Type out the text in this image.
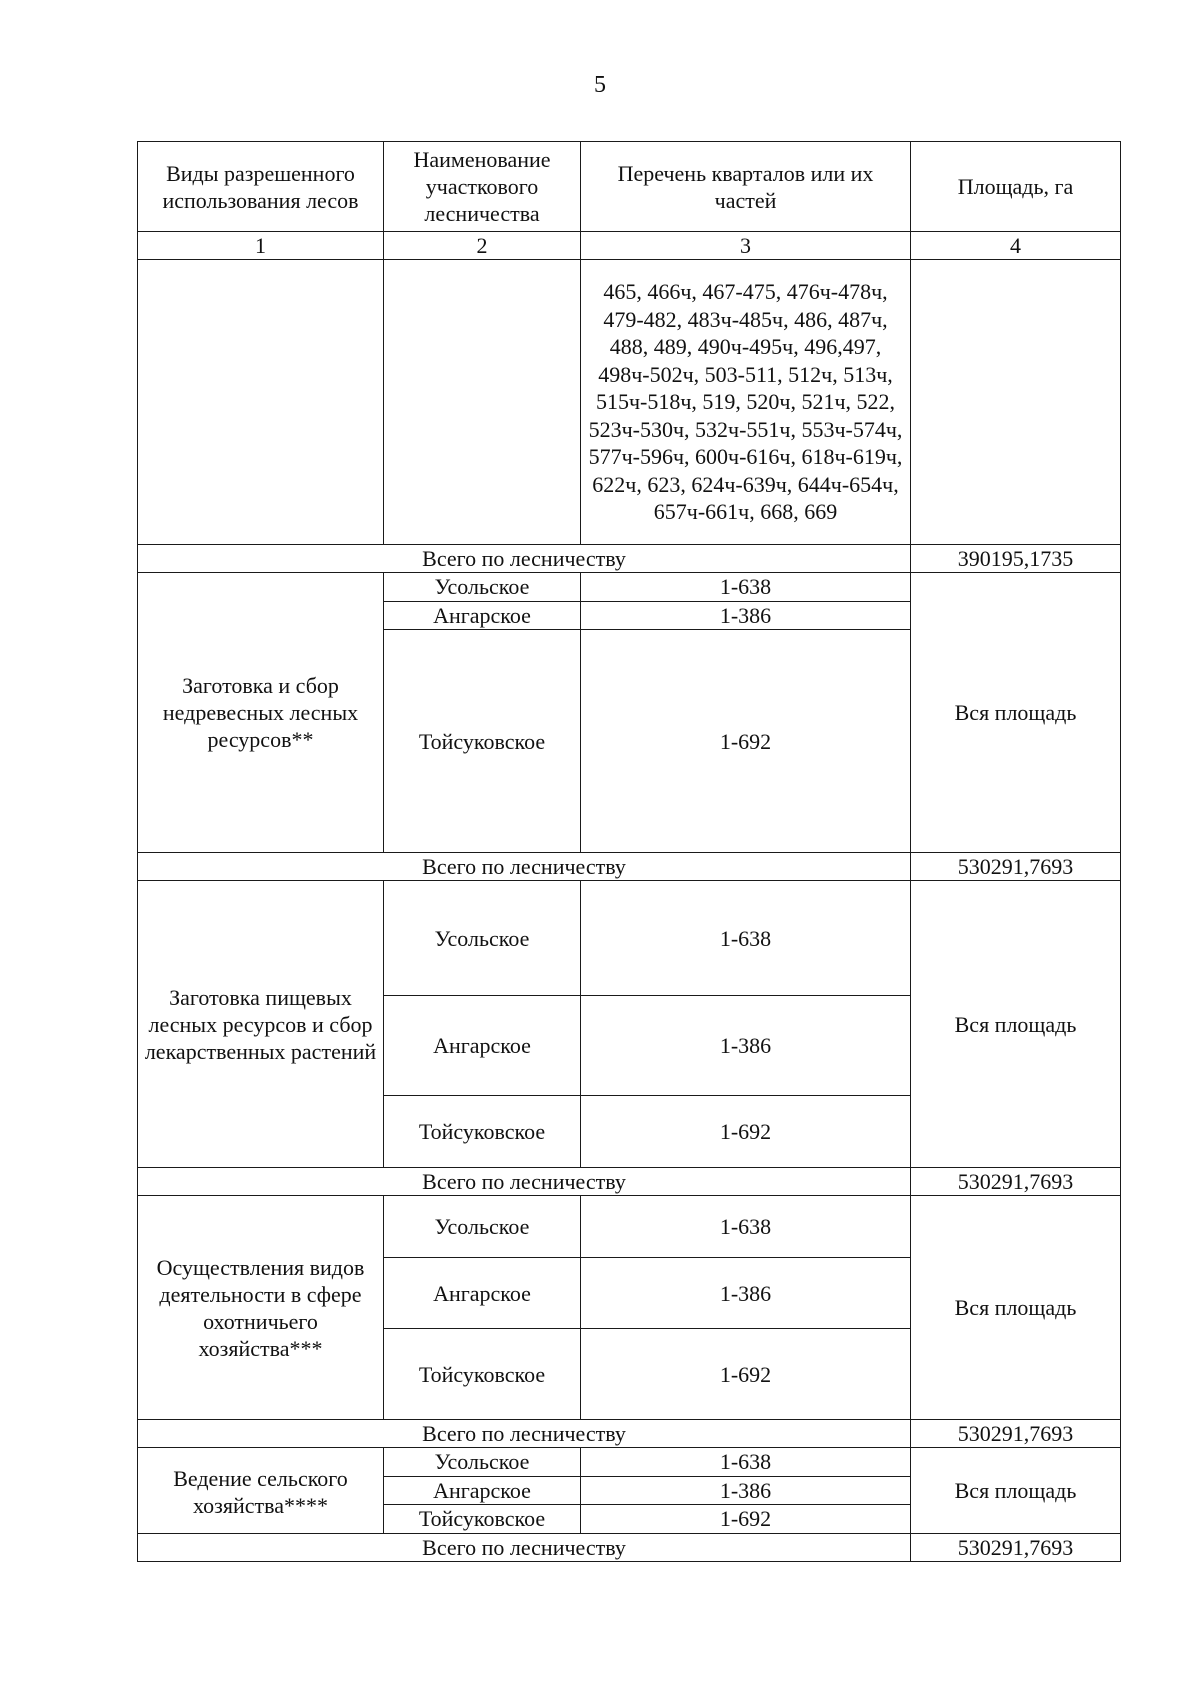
5
Виды разрешенного использования лесов	Наименование участкового лесничества	Перечень кварталов или их частей	Площадь, га
1	2	3	4
		465, 466ч, 467-475, 476ч-478ч, 479-482, 483ч-485ч, 486, 487ч, 488, 489, 490ч-495ч, 496,497, 498ч-502ч, 503-511, 512ч, 513ч, 515ч-518ч, 519, 520ч, 521ч, 522, 523ч-530ч, 532ч-551ч, 553ч-574ч, 577ч-596ч, 600ч-616ч, 618ч-619ч, 622ч, 623, 624ч-639ч, 644ч-654ч, 657ч-661ч, 668, 669	
Всего по лесничеству			390195,1735
Заготовка и сбор недревесных лесных ресурсов**	Усольское	1-638	Вся площадь
	Ангарское	1-386	
	Тойсуковское	1-692	
Всего по лесничеству			530291,7693
Заготовка пищевых лесных ресурсов и сбор лекарственных растений	Усольское	1-638	Вся площадь
	Ангарское	1-386	
	Тойсуковское	1-692	
Всего по лесничеству			530291,7693
Осуществления видов деятельности в сфере охотничьего хозяйства***	Усольское	1-638	Вся площадь
	Ангарское	1-386	
	Тойсуковское	1-692	
Всего по лесничеству			530291,7693
Ведение сельского хозяйства****	Усольское	1-638	Вся площадь
	Ангарское	1-386	
	Тойсуковское	1-692	
Всего по лесничеству			530291,7693
